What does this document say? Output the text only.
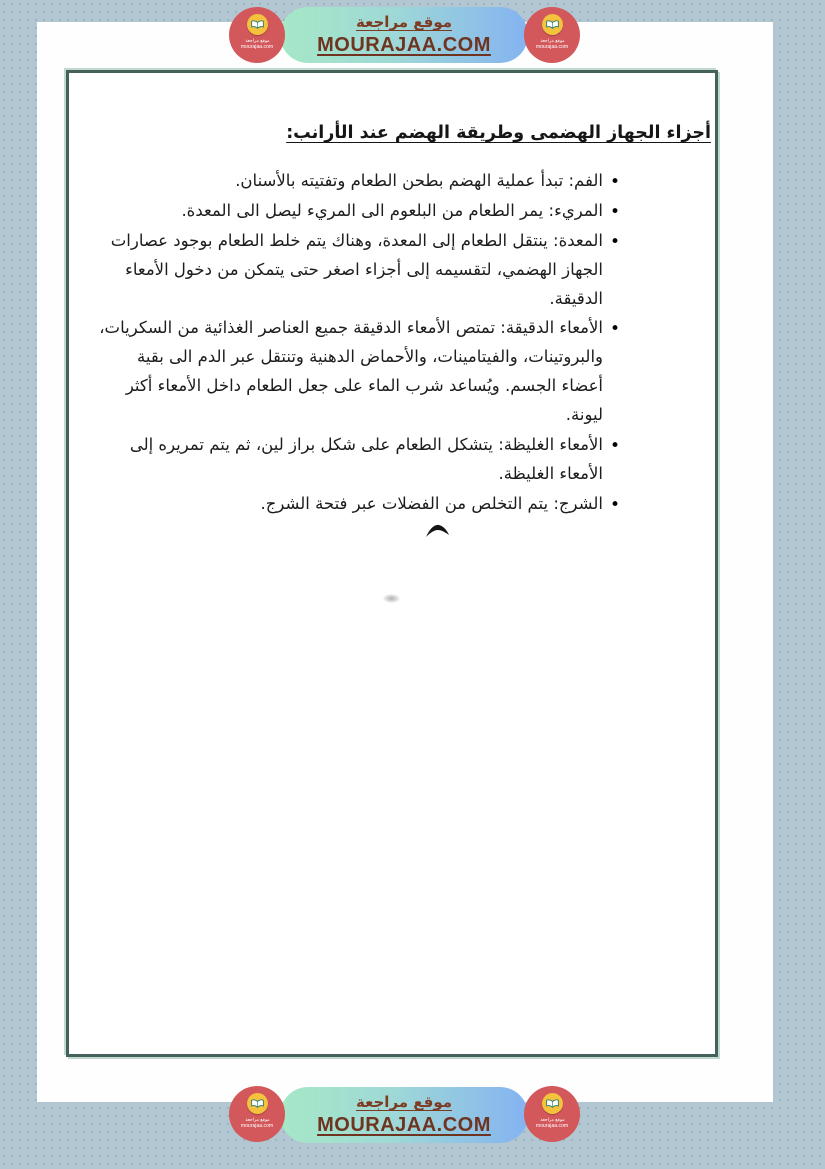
أجزاء الجهاز الهضمى وطريقة الهضم عند الأرانب:
• الفم: تبدأ عملية الهضم بطحن الطعام وتفتيته بالأسنان.
• المريء: يمر الطعام من البلعوم الى المريء ليصل الى المعدة.
• المعدة: ينتقل الطعام إلى المعدة، وهناك يتم خلط الطعام بوجود عصارات الجهاز الهضمي، لتقسيمه إلى أجزاء اصغر حتى يتمكن من دخول الأمعاء الدقيقة.
• الأمعاء الدقيقة: تمتص الأمعاء الدقيقة جميع العناصر الغذائية من السكريات، والبروتينات، والفيتامينات، والأحماض الدهنية وتنتقل عبر الدم الى بقية أعضاء الجسم. ويُساعد شرب الماء على جعل الطعام داخل الأمعاء أكثر ليونة.
• الأمعاء الغليظة: يتشكل الطعام على شكل براز لين، ثم يتم تمريره إلى الأمعاء الغليظة.
• الشرج: يتم التخلص من الفضلات عبر فتحة الشرج.
موقع مراجعة
MOURAJAA.COM
موقع مراجعة
mourajaa.com
موقع مراجعة
mourajaa.com
موقع مراجعة
MOURAJAA.COM
موقع مراجعة
mourajaa.com
موقع مراجعة
mourajaa.com
